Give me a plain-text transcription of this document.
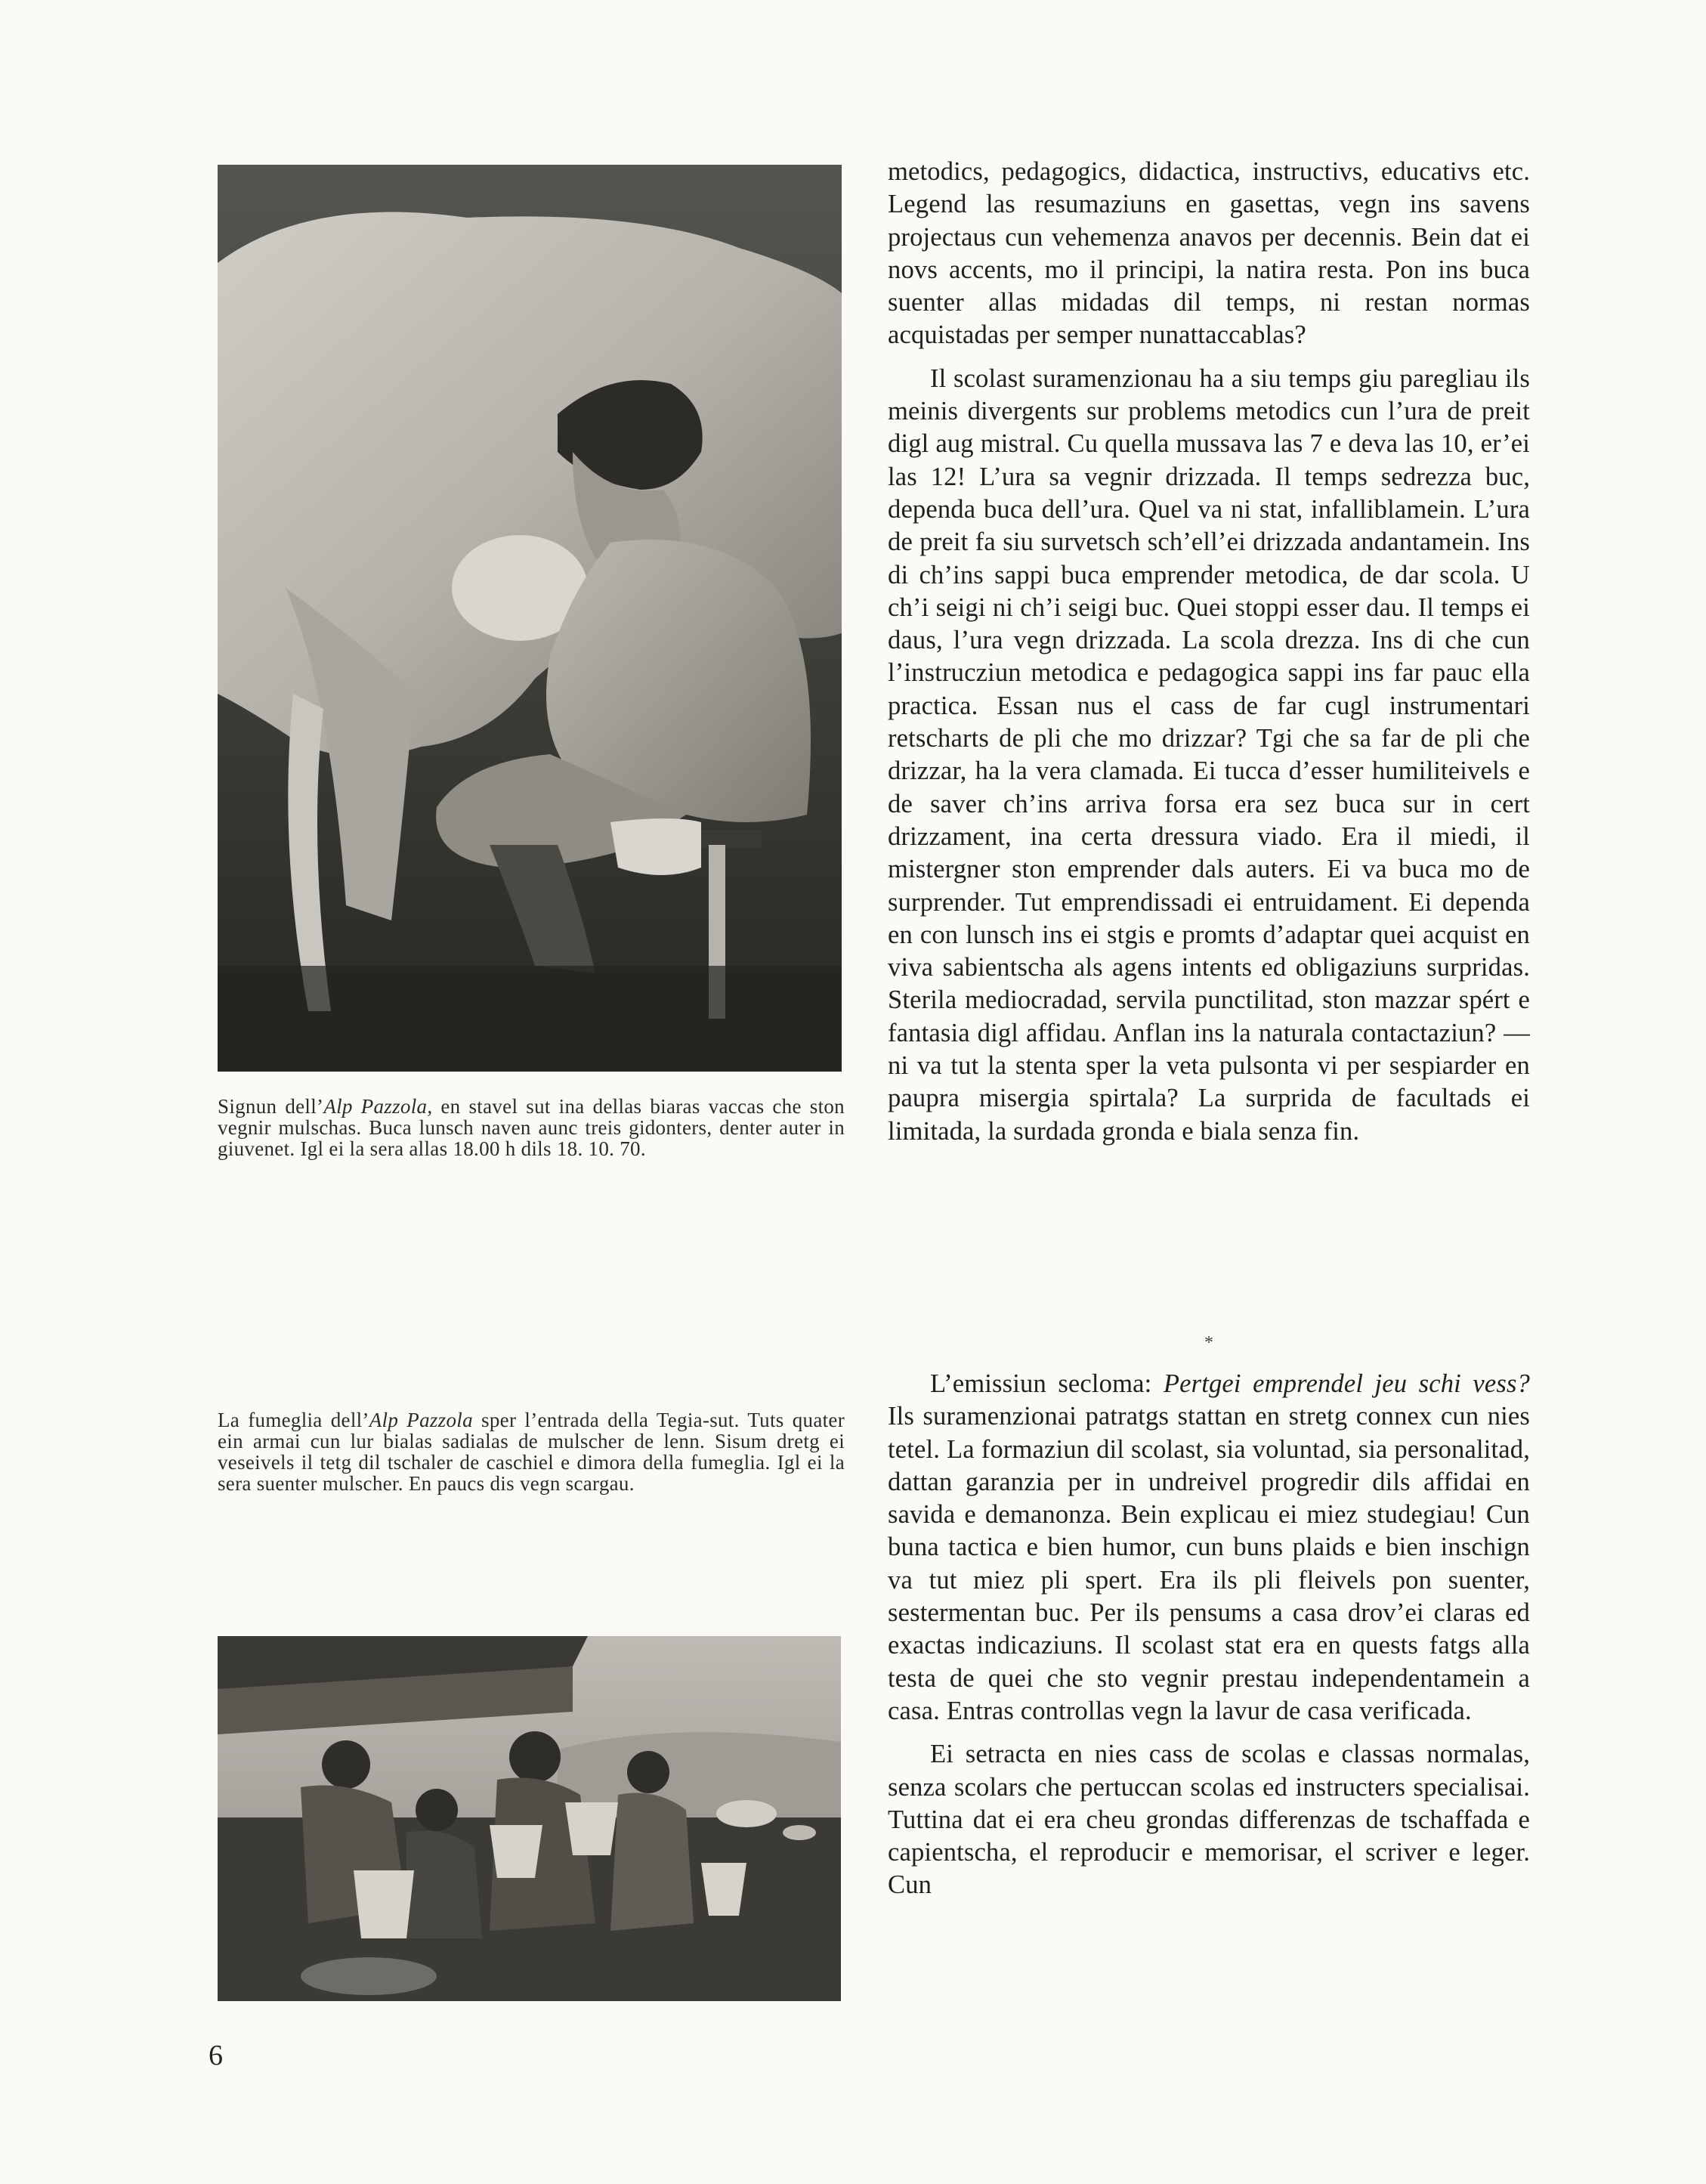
Signun dell’Alp Pazzola, en stavel sut ina dellas biaras vaccas che ston vegnir mulschas. Buca lunsch naven aunc treis gidonters, denter auter in giuvenet. Igl ei la sera allas 18.00 h dils 18. 10. 70.

La fumeglia dell’Alp Pazzola sper l’entrada della Tegia-sut. Tuts quater ein armai cun lur bialas sadialas de mulscher de lenn. Sisum dretg ei veseivels il tetg dil tschaler de caschiel e dimora della fumeglia. Igl ei la sera suenter mulscher. En paucs dis vegn scargau.

metodics, pedagogics, didactica, instructivs, educativs etc. Legend las resumaziuns en gasettas, vegn ins savens projectaus cun vehemenza anavos per decennis. Bein dat ei novs accents, mo il principi, la natira resta. Pon ins buca suenter allas midadas dil temps, ni restan normas acquistadas per semper nunattaccablas?

Il scolast suramenzionau ha a siu temps giu paregliau ils meinis divergents sur problems metodics cun l’ura de preit digl aug mistral. Cu quella mussava las 7 e deva las 10, er’ei las 12! L’ura sa vegnir drizzada. Il temps sedrezza buc, dependa buca dell’ura. Quel va ni stat, infalliblamein. L’ura de preit fa siu survetsch sch’ell’ei drizzada andantamein. Ins di ch’ins sappi buca emprender metodica, de dar scola. U ch’i seigi ni ch’i seigi buc. Quei stoppi esser dau. Il temps ei daus, l’ura vegn drizzada. La scola drezza. Ins di che cun l’instrucziun metodica e pedagogica sappi ins far pauc ella practica. Essan nus el cass de far cugl instrumentari retscharts de pli che mo drizzar? Tgi che sa far de pli che drizzar, ha la vera clamada. Ei tucca d’esser humiliteivels e de saver ch’ins arriva forsa era sez buca sur in cert drizzament, ina certa dressura viado. Era il miedi, il mistergner ston emprender dals auters. Ei va buca mo de surprender. Tut emprendissadi ei entruidament. Ei dependa en con lunsch ins ei stgis e promts d’adaptar quei acquist en viva sabientscha als agens intents ed obligaziuns surpridas. Sterila mediocradad, servila punctilitad, ston mazzar spért e fantasia digl affidau. Anflan ins la naturala contactaziun? — ni va tut la stenta sper la veta pulsonta vi per sespiarder en paupra misergia spirtala? La surprida de facultads ei limitada, la surdada gronda e biala senza fin.

*

L’emissiun secloma: Pertgei emprendel jeu schi vess? Ils suramenzionai patratgs stattan en stretg connex cun nies tetel. La formaziun dil scolast, sia voluntad, sia personalitad, dattan garanzia per in undreivel progredir dils affidai en savida e demanonza. Bein explicau ei miez studegiau! Cun buna tactica e bien humor, cun buns plaids e bien inschign va tut miez pli spert. Era ils pli fleivels pon suenter, sestermentan buc. Per ils pensums a casa drov’ei claras ed exactas indicaziuns. Il scolast stat era en quests fatgs alla testa de quei che sto vegnir prestau independentamein a casa. Entras controllas vegn la lavur de casa verificada.

Ei setracta en nies cass de scolas e classas normalas, senza scolars che pertuccan scolas ed instructers specialisai. Tuttina dat ei era cheu grondas differenzas de tschaffada e capientscha, el reproducir e memorisar, el scriver e leger. Cun

6
